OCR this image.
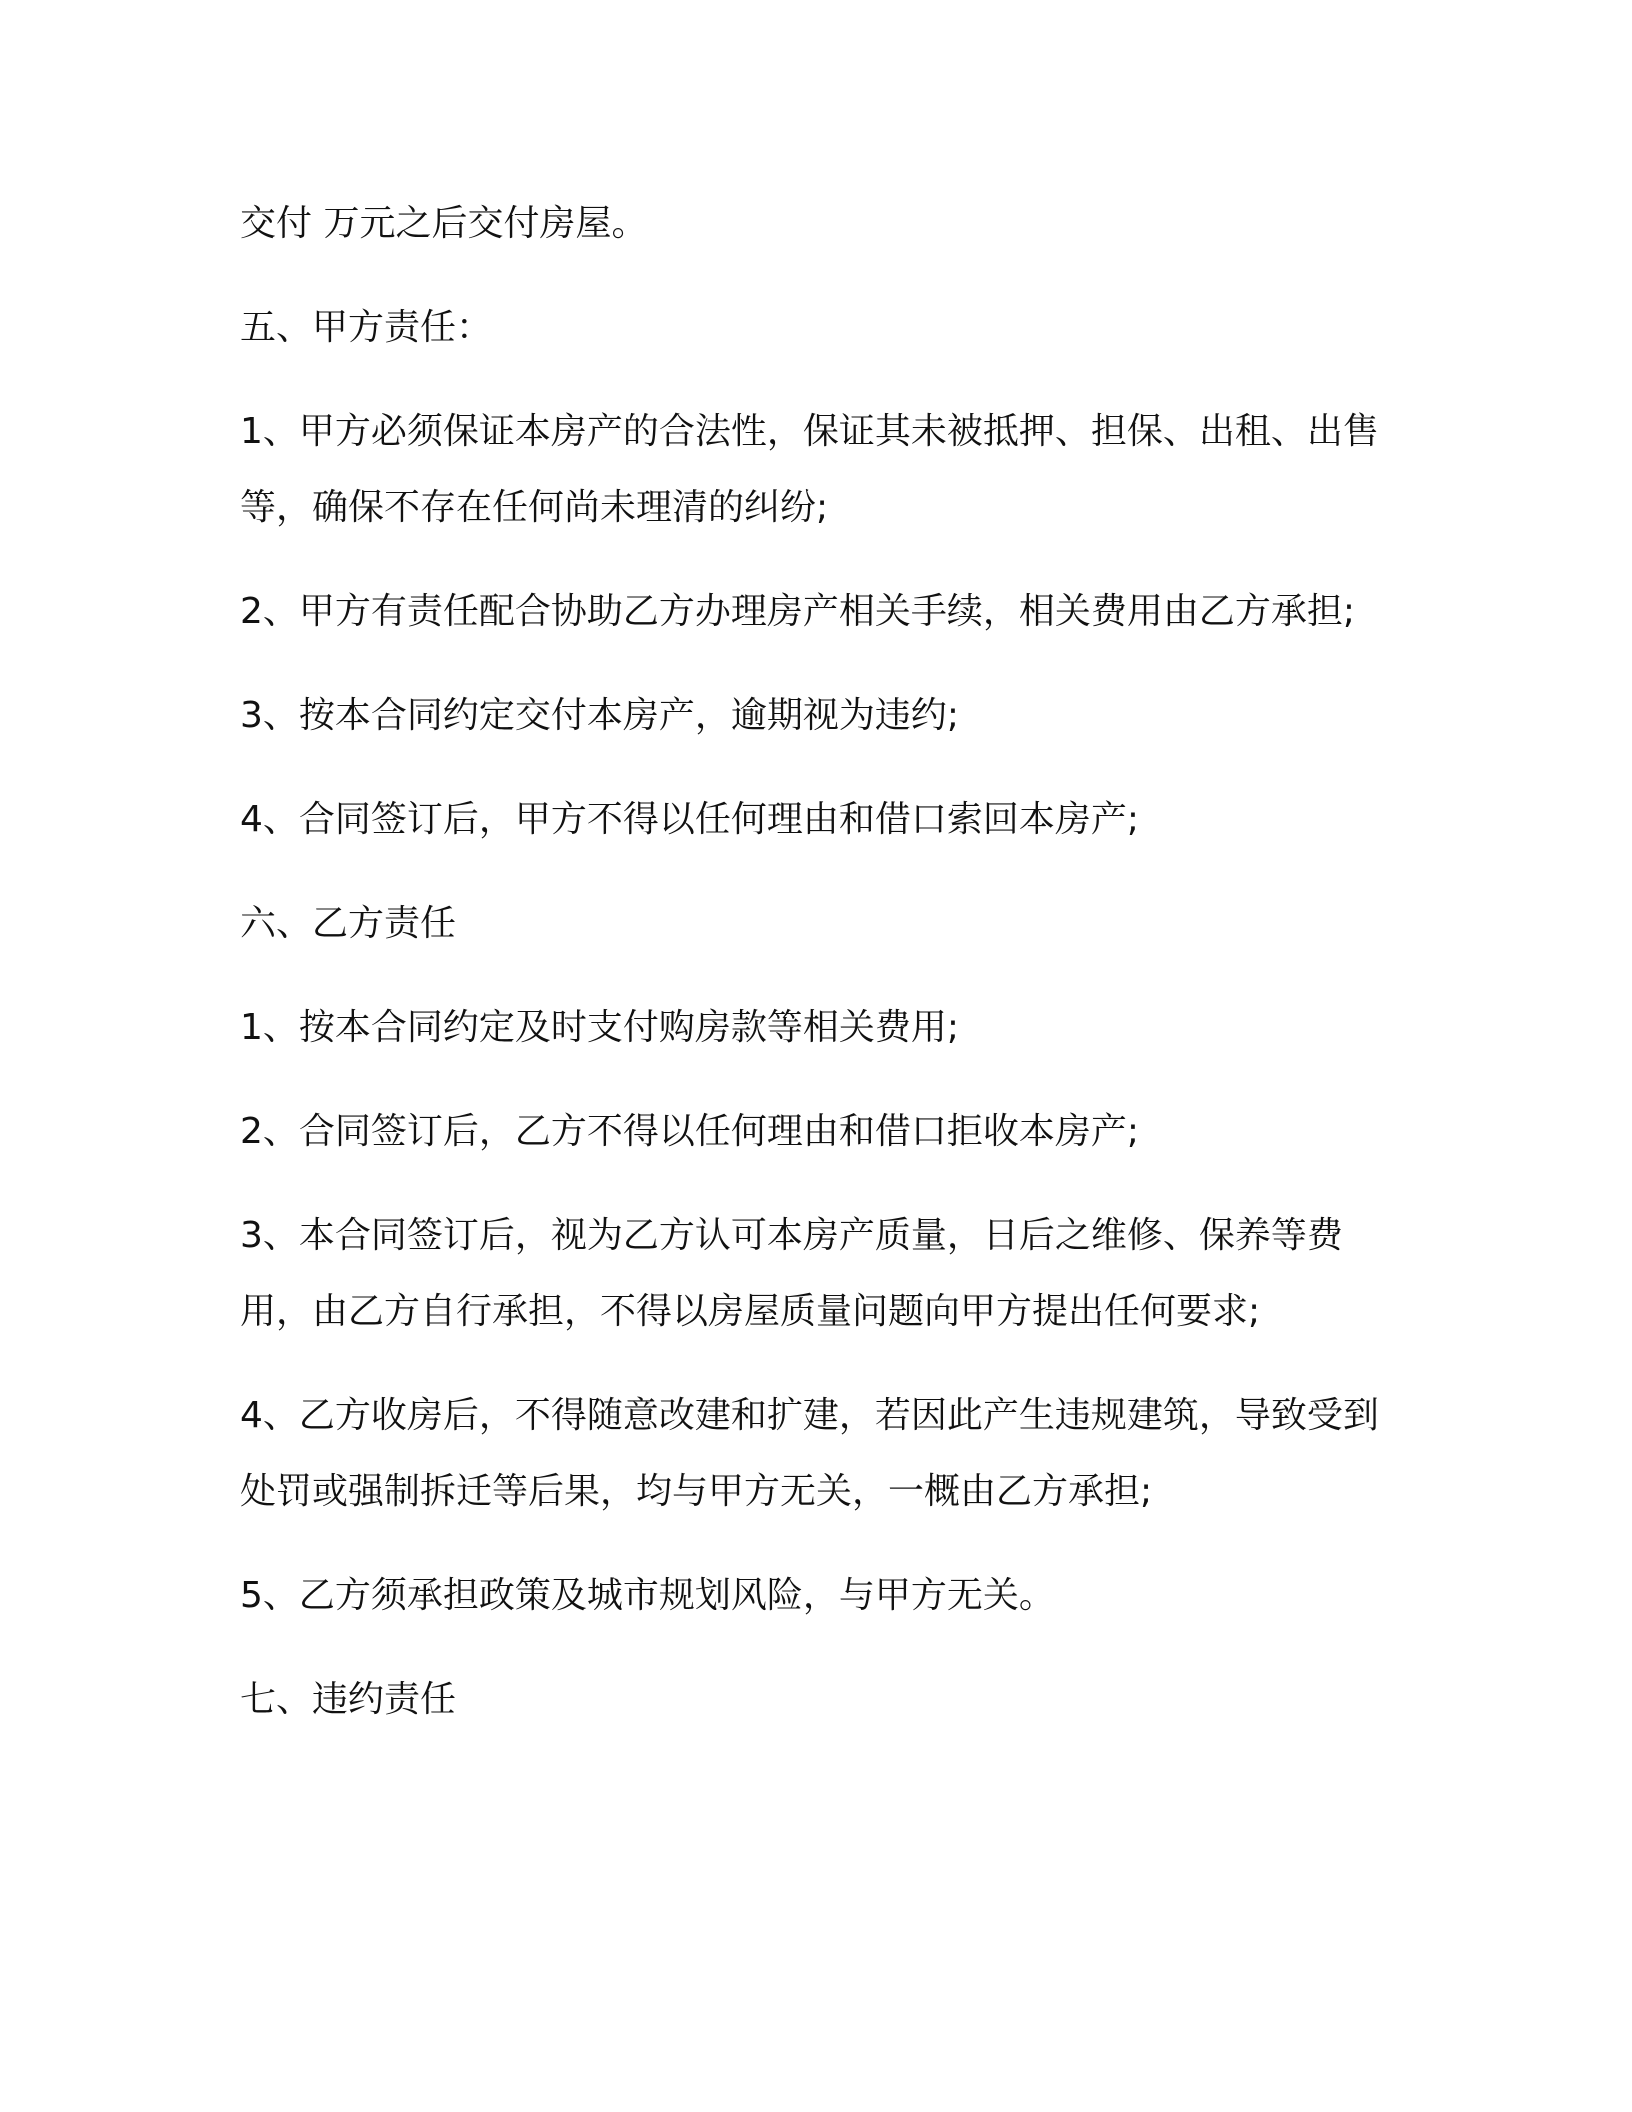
交付 万元之后交付房屋。

五、甲方责任：

1、甲方必须保证本房产的合法性，保证其未被抵押、担保、出租、出售等，确保不存在任何尚未理清的纠纷;

2、甲方有责任配合协助乙方办理房产相关手续，相关费用由乙方承担;

3、按本合同约定交付本房产，逾期视为违约;

4、合同签订后，甲方不得以任何理由和借口索回本房产;

六、乙方责任

1、按本合同约定及时支付购房款等相关费用;

2、合同签订后，乙方不得以任何理由和借口拒收本房产;

3、本合同签订后，视为乙方认可本房产质量，日后之维修、保养等费用，由乙方自行承担，不得以房屋质量问题向甲方提出任何要求;

4、乙方收房后，不得随意改建和扩建，若因此产生违规建筑，导致受到处罚或强制拆迁等后果，均与甲方无关，一概由乙方承担;

5、乙方须承担政策及城市规划风险，与甲方无关。

七、违约责任
